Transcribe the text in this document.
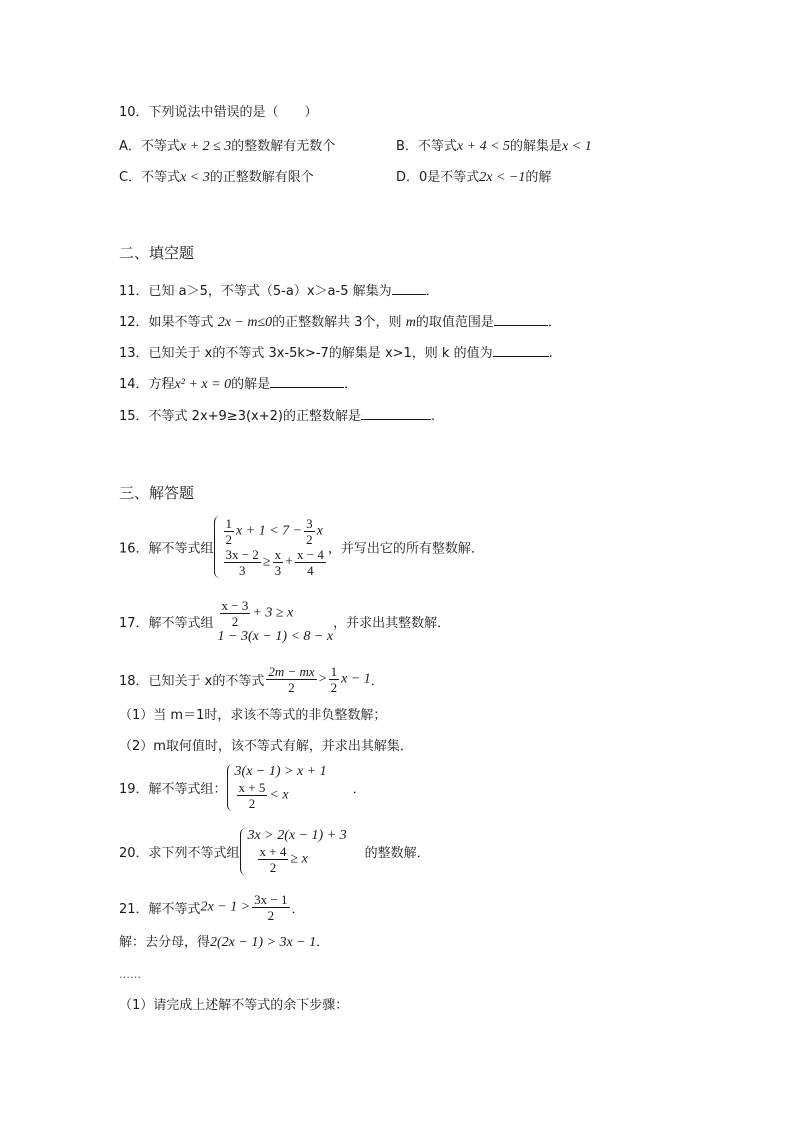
10．下列说法中错误的是（　　）
A．不等式x + 2 ≤ 3的整数解有无数个	B．不等式x + 4 < 5的解集是x < 1
C．不等式x < 3的正整数解有限个	D．0是不等式2x < −1的解
二、填空题
11．已知 a＞5，不等式（5-a）x＞a-5 解集为	．
12．如果不等式 2x − m≤0的正整数解共 3个，则 m的取值范围是	．
13．已知关于 x的不等式 3x-5k>-7的解集是 x>1，则 k 的值为	.
14．方程x² + x = 0的解是	．
15．不等式 2x+9≥3(x+2)的正整数解是	.
三、解答题
16．解不等式组
$\frac{1}{2}$ $x + 1 < 7 - \frac{3}{2}$ x
$\frac{3x - 2}{3} \ge \frac{x}{3} + \frac{x - 4}{4}$ ，并写出它的所有整数解．
17．解不等式组 $\frac{x - 3}{2} + 3 \ge x$
1 − 3(x − 1) < 8 − x
，并求出其整数解．
18．已知关于 x的不等式 $\frac{2m - mx}{2} > \frac{1}{2}$ x − 1．
（1）当 m＝1时，求该不等式的非负整数解；
（2）m取何值时，该不等式有解，并求出其解集．
19．解不等式组：
3(x − 1) > x + 1
$\frac{x + 5}{2} < x$	．
20．求下列不等式组
3x > 2(x − 1) + 3
$\frac{x + 4}{2} \ge x$	的整数解．
21．解不等式$2x - 1 > \frac{3x - 1}{2}$ ．
解：去分母，得2(2x − 1) > 3x − 1．
……
（1）请完成上述解不等式的余下步骤：
